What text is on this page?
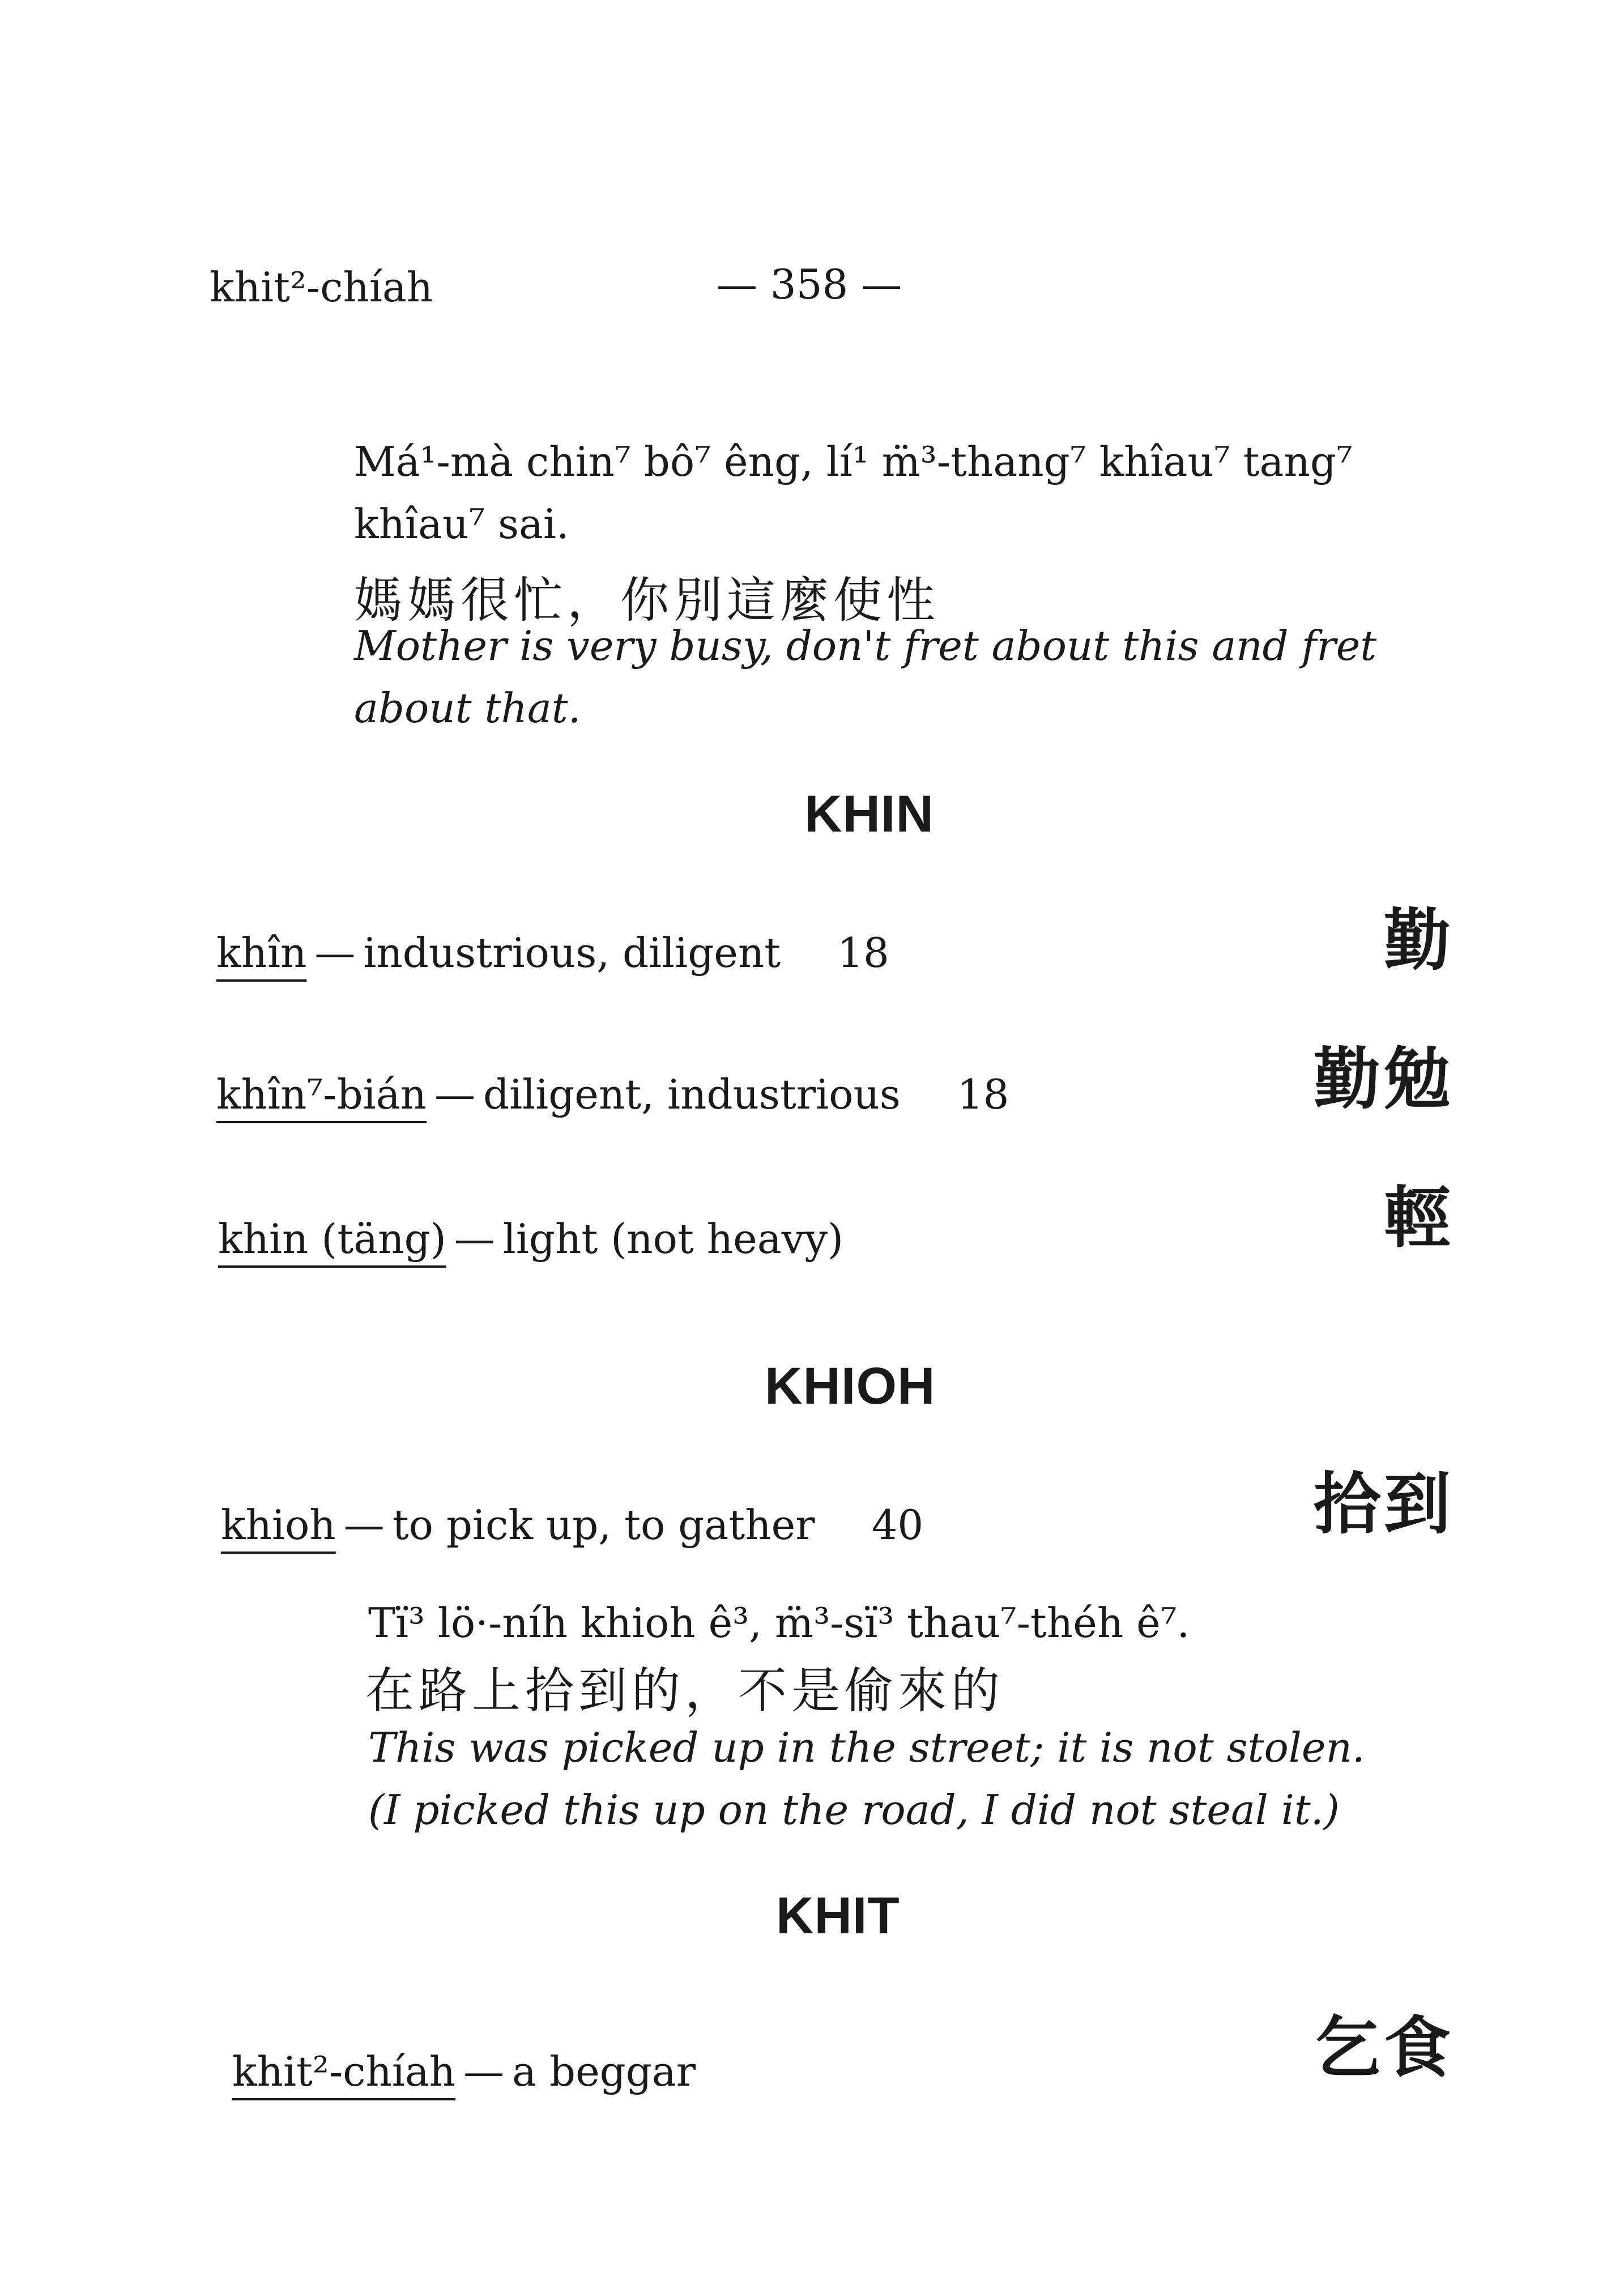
khit²-chíah	— 358 —
Má¹-mà chin⁷ bô⁷ êng, lí¹ m̈³-thang⁷ khîau⁷ tang⁷
khîau⁷ sai.
媽媽很忙，你別這麼使性
Mother is very busy, don't fret about this and fret
about that.
KHIN
khîn — industrious, diligent 18	勤
khîn⁷-bián — diligent, industrious 18	勤勉
khin (täng) — light (not heavy)	輕
KHIOH
khioh — to pick up, to gather 40	拾到
Tï³ lö·-níh khioh ê³, m̈³-sï³ thau⁷-théh ê⁷.
在路上拾到的，不是偷來的
This was picked up in the street; it is not stolen.
(I picked this up on the road, I did not steal it.)
KHIT
khit²-chíah — a beggar	乞食
